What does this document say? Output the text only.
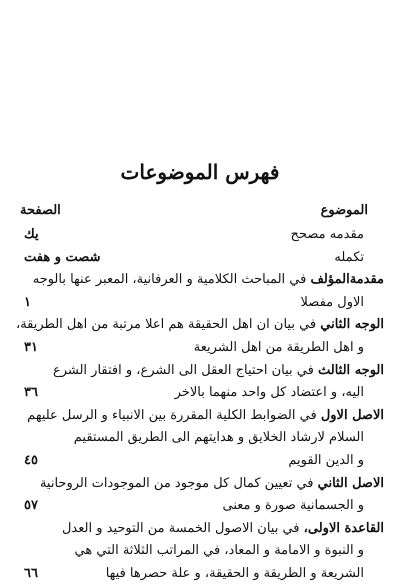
فهرس الموضوعات
الموضوع
الصفحة
مقدمه مصحح
يك
تكمله
شصت و هفت
مقدمةالمؤلف في المباحث الكلامية و العرفانية، المعبر عنها بالوجه
الاول مفصلا
١
الوجه الثاني في بيان ان اهل الحقيقة هم اعلا مرتبة من اهل الطريقة،
و اهل الطريقة من اهل الشريعة
٣١
الوجه الثالث في بيان احتياج العقل الى الشرع، و افتقار الشرع
اليه، و اعتضاد كل واحد منهما بالاخر
٣٦
الاصل الاول في الضوابط الكلية المقررة بين الانبياء و الرسل عليهم
السلام لارشاد الخلايق و هدايتهم الى الطريق المستقيم
و الدين القويم
٤٥
الاصل الثاني في تعيين كمال كل موجود من الموجودات الروحانية
و الجسمانية صورة و معنى
٥٧
القاعدة الاولى، في بيان الاصول الخمسة من التوحيد و العدل
و النبوة و الامامة و المعاد، في المراتب الثلاثة التي هي
الشريعة و الطريقة و الحقيقة، و علة حصرها فيها
٦٦
